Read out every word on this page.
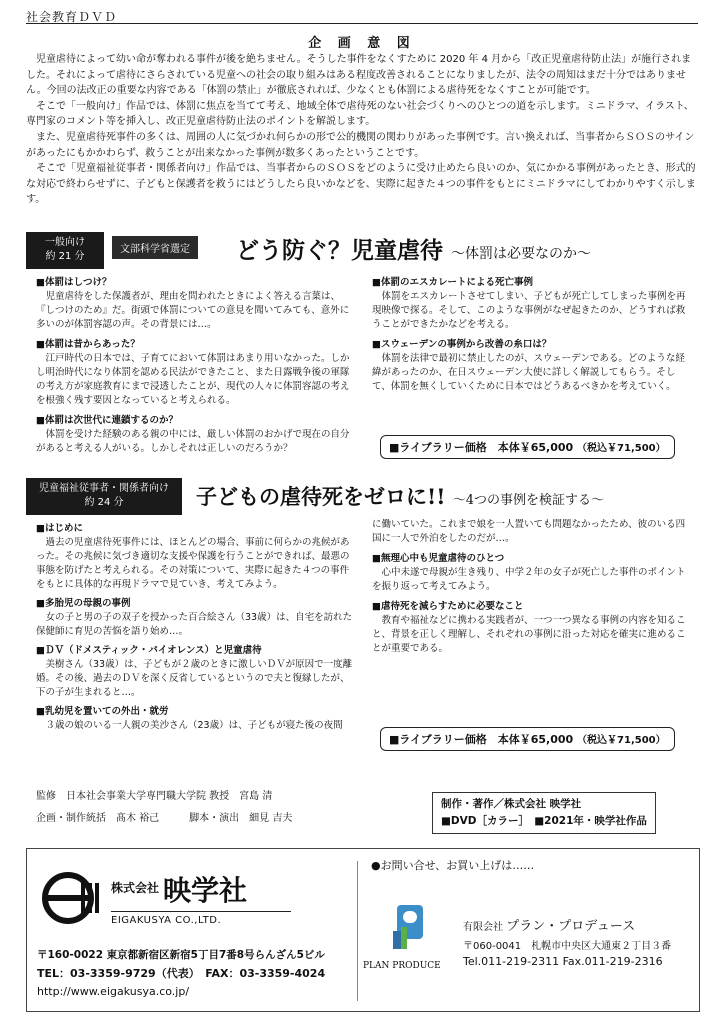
社会教育ＤＶＤ
企 画 意 図

児童虐待によって幼い命が奪われる事件が後を絶ちません。そうした事件をなくすために 2020 年 4 月から「改正児童虐待防止法」が施行されました。それによって虐待にさらされている児童への社会の取り組みはある程度改善されることになりましたが、法令の周知はまだ十分ではありません。今回の法改正の重要な内容である「体罰の禁止」が徹底されれば、少なくとも体罰による虐待死をなくすことが可能です。

そこで「一般向け」作品では、体罰に焦点を当てて考え、地域全体で虐待死のない社会づくりへのひとつの道を示します。ミニドラマ、イラスト、専門家のコメント等を挿入し、改正児童虐待防止法のポイントを解説します。

また、児童虐待死事件の多くは、周囲の人に気づかれ何らかの形で公的機関の関わりがあった事例です。言い換えれば、当事者からＳＯＳのサインがあったにもかかわらず、救うことが出来なかった事例が数多くあったということです。

そこで「児童福祉従事者・関係者向け」作品では、当事者からのＳＯＳをどのように受け止めたら良いのか、気にかかる事例があったとき、形式的な対応で終わらせずに、子どもと保護者を救うにはどうしたら良いかなどを、実際に起きた４つの事件をもとにミニドラマにしてわかりやすく示します。

一般向け
約 21 分
文部科学省選定	どう防ぐ？児童虐待 ～体罰は必要なのか～
■体罰はしつけ？

児童虐待をした保護者が、理由を問われたときによく答える言葉は、『しつけのため』だ。街頭で体罰についての意見を聞いてみても、意外に多いのが体罰容認の声。その背景には…。

■体罰は昔からあった？

江戸時代の日本では、子育てにおいて体罰はあまり用いなかった。しかし明治時代になり体罰を認める民法ができたこと、また日露戦争後の軍隊の考え方が家庭教育にまで浸透したことが、現代の人々に体罰容認の考えを根強く残す要因となっていると考えられる。

■体罰は次世代に連鎖するのか？

体罰を受けた経験のある親の中には、厳しい体罰のおかげで現在の自分があると考える人がいる。しかしそれは正しいのだろうか？

■体罰のエスカレートによる死亡事例

体罰をエスカレートさせてしまい、子どもが死亡してしまった事例を再現映像で探る。そして、このような事例がなぜ起きたのか、どうすれば救うことができたかなどを考える。

■スウェーデンの事例から改善の糸口は？

体罰を法律で最初に禁止したのが、スウェーデンである。どのような経緯があったのか、在日スウェーデン大使に詳しく解説してもらう。そして、体罰を無くしていくために日本ではどうあるべきかを考えていく。

■ライブラリー価格　本体￥65,000 （税込￥71,500）
児童福祉従事者・関係者向け
約 24 分	子どもの虐待死をゼロに!! ～4つの事例を検証する～
■はじめに

過去の児童虐待死事件には、ほとんどの場合、事前に何らかの兆候があった。その兆候に気づき適切な支援や保護を行うことができれば、最悪の事態を防げたと考えられる。その対策について、実際に起きた４つの事件をもとに具体的な再現ドラマで見ていき、考えてみよう。

■多胎児の母親の事例

女の子と男の子の双子を授かった百合絵さん（33歳）は、自宅を訪れた保健師に育児の苦悩を語り始め…。

■ＤＶ（ドメスティック・バイオレンス）と児童虐待

美樹さん（33歳）は、子どもが２歳のときに激しいＤＶが原因で一度離婚。その後、過去のＤＶを深く反省しているというので夫と復縁したが、下の子が生まれると…。

■乳幼児を置いての外出・就労

３歳の娘のいる一人親の美沙さん（23歳）は、子どもが寝た後の夜間

に働いていた。これまで娘を一人置いても問題なかったため、彼のいる四国に一人で外泊をしたのだが…。

■無理心中も児童虐待のひとつ

心中未遂で母親が生き残り、中学２年の女子が死亡した事件のポイントを振り返って考えてみよう。

■虐待死を減らすために必要なこと

教育や福祉などに携わる実践者が、一つ一つ異なる事例の内容を知ること、背景を正しく理解し、それぞれの事例に沿った対応を確実に進めることが重要である。

■ライブラリー価格　本体￥65,000 （税込￥71,500）
監修　日本社会事業大学専門職大学院 教授　宮島 清
企画・制作統括　髙木 裕己　　　脚本・演出　細見 吉夫
制作・著作／株式会社 映学社
■DVD［カラー］　■2021年・映学社作品
株式会社 映学社
EIGAKUSYA CO.,LTD.
〒160-0022 東京都新宿区新宿5丁目7番8号らんざん5ビル
TEL：03-3359-9729（代表）　FAX：03-3359-4024
http://www.eigakusya.co.jp/
●お問い合せ、お買い上げは……
PLAN PRODUCE
有限会社 プラン・プロデュース
〒060-0041　札幌市中央区大通東２丁目３番
Tel.011-219-2311 Fax.011-219-2316
